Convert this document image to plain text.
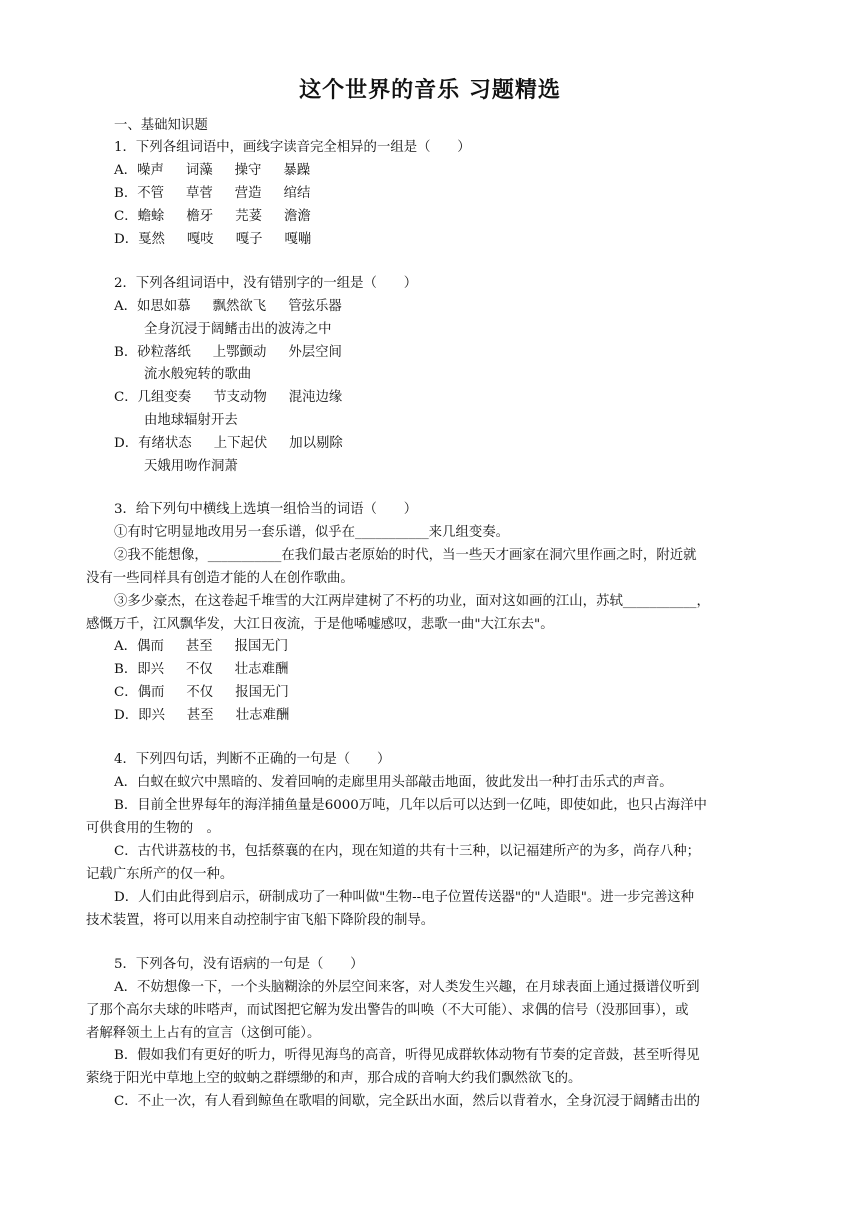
这个世界的音乐 习题精选
一、基础知识题
1．下列各组词语中，画线字读音完全相异的一组是（　　）
A．噪声 词藻 操守 暴躁
B．不管 草菅 营造 绾结
C．蟾蜍 檐牙 芫荽 澹澹
D．戛然 嘎吱 嘎子 嘎嘣
2．下列各组词语中，没有错别字的一组是（　　）
A．如思如慕 飘然欲飞 管弦乐器
全身沉浸于阔鳍击出的波涛之中
B．砂粒落纸 上鄂颤动 外层空间
流水般宛转的歌曲
C．几组变奏 节支动物 混沌边缘
由地球辐射开去
D．有绪状态 上下起伏 加以剔除
天娥用吻作洞萧
3．给下列句中横线上选填一组恰当的词语（　　）
①有时它明显地改用另一套乐谱，似乎在___________来几组变奏。
②我不能想像，___________在我们最古老原始的时代，当一些天才画家在洞穴里作画之时，附近就
没有一些同样具有创造才能的人在创作歌曲。
③多少豪杰，在这卷起千堆雪的大江两岸建树了不朽的功业，面对这如画的江山，苏轼___________，
感慨万千，江风飘华发，大江日夜流，于是他唏嘘感叹，悲歌一曲"大江东去"。
A．偶而 甚至 报国无门
B．即兴 不仅 壮志难酬
C．偶而 不仅 报国无门
D．即兴 甚至 壮志难酬
4．下列四句话，判断不正确的一句是（　　）
A．白蚁在蚁穴中黑暗的、发着回响的走廊里用头部敲击地面，彼此发出一种打击乐式的声音。
B．目前全世界每年的海洋捕鱼量是6000万吨，几年以后可以达到一亿吨，即使如此，也只占海洋中
可供食用的生物的　。
C．古代讲荔枝的书，包括蔡襄的在内，现在知道的共有十三种，以记福建所产的为多，尚存八种；
记载广东所产的仅一种。
D．人们由此得到启示，研制成功了一种叫做"生物--电子位置传送器"的"人造眼"。进一步完善这种
技术装置，将可以用来自动控制宇宙飞船下降阶段的制导。
5．下列各句，没有语病的一句是（　　）
A．不妨想像一下，一个头脑糊涂的外层空间来客，对人类发生兴趣，在月球表面上通过摄谱仪听到
了那个高尔夫球的咔嗒声，而试图把它解为发出警告的叫唤（不大可能）、求偶的信号（没那回事），或
者解释领土上占有的宣言（这倒可能）。
B．假如我们有更好的听力，听得见海鸟的高音，听得见成群软体动物有节奏的定音鼓，甚至听得见
萦绕于阳光中草地上空的蚊蚋之群缥缈的和声，那合成的音响大约我们飘然欲飞的。
C．不止一次，有人看到鲸鱼在歌唱的间歇，完全跃出水面，然后以背着水，全身沉浸于阔鳍击出的
